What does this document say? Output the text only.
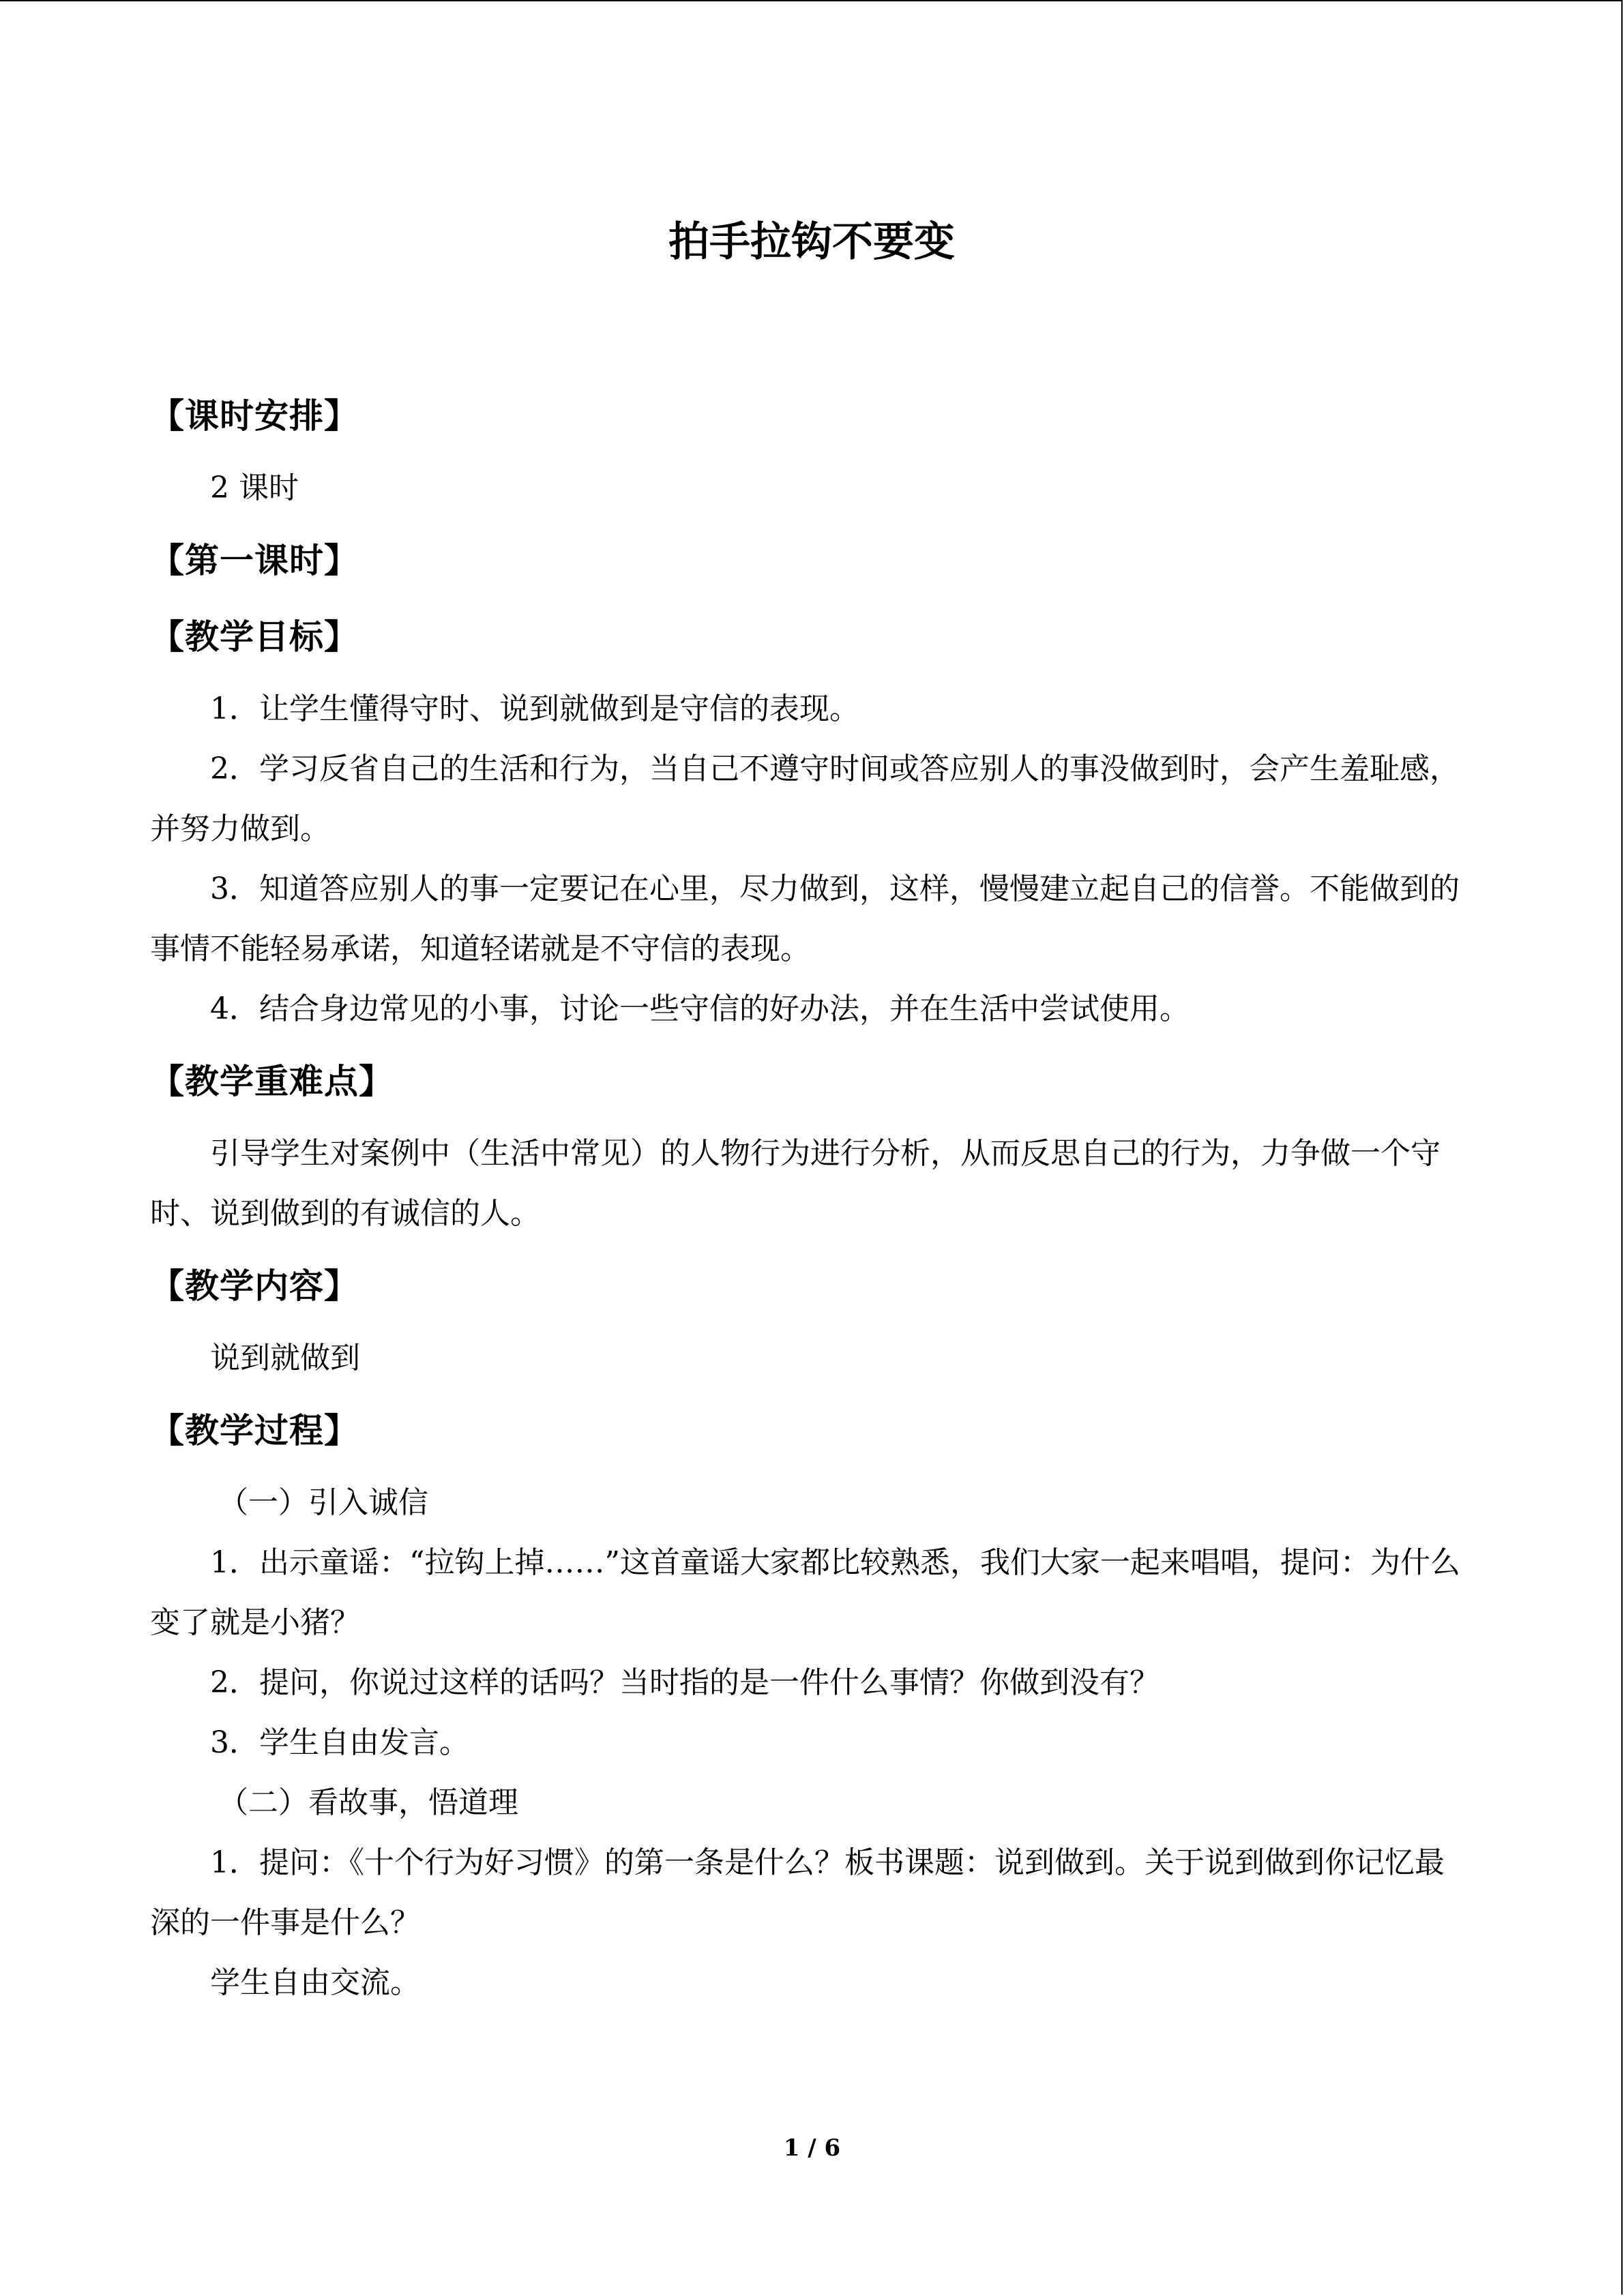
拍手拉钩不要变
【课时安排】

2 课时

【第一课时】
【教学目标】

1．让学生懂得守时、说到就做到是守信的表现。

2．学习反省自己的生活和行为，当自己不遵守时间或答应别人的事没做到时，会产生羞耻感，并努力做到。

3．知道答应别人的事一定要记在心里，尽力做到，这样，慢慢建立起自己的信誉。不能做到的事情不能轻易承诺，知道轻诺就是不守信的表现。

4．结合身边常见的小事，讨论一些守信的好办法，并在生活中尝试使用。

【教学重难点】

引导学生对案例中（生活中常见）的人物行为进行分析，从而反思自己的行为，力争做一个守时、说到做到的有诚信的人。

【教学内容】

说到就做到

【教学过程】

（一）引入诚信

1．出示童谣：“拉钩上掉……”这首童谣大家都比较熟悉，我们大家一起来唱唱，提问：为什么变了就是小猪？

2．提问，你说过这样的话吗？当时指的是一件什么事情？你做到没有？

3．学生自由发言。

（二）看故事，悟道理

1．提问：《十个行为好习惯》的第一条是什么？板书课题：说到做到。关于说到做到你记忆最深的一件事是什么？

学生自由交流。

1 / 6
